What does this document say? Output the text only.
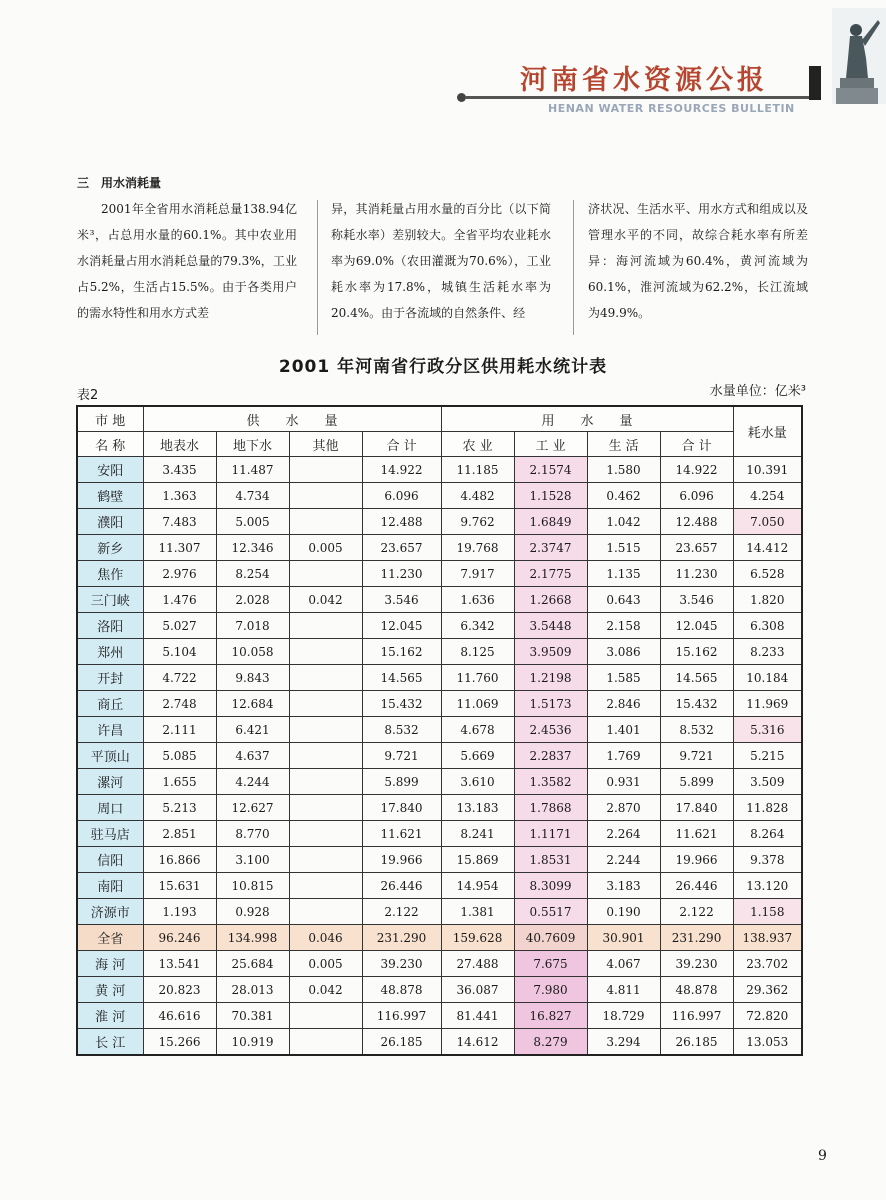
河南省水资源公报
HENAN WATER RESOURCES BULLETIN
三　用水消耗量
2001年全省用水消耗总量138.94亿米³，占总用水量的60.1%。其中农业用水消耗量占用水消耗总量的79.3%，工业占5.2%，生活占15.5%。由于各类用户的需水特性和用水方式差
异，其消耗量占用水量的百分比（以下简称耗水率）差别较大。全省平均农业耗水率为69.0%（农田灌溉为70.6%），工业耗水率为17.8%，城镇生活耗水率为20.4%。由于各流域的自然条件、经
济状况、生活水平、用水方式和组成以及管理水平的不同，故综合耗水率有所差异：海河流域为60.4%，黄河流域为60.1%，淮河流域为62.2%，长江流域为49.9%。
2001 年河南省行政分区供用耗水统计表
表2	水量单位：亿米³
市 地	供　　水　　量				用　　水　　量				耗水量
名 称	地表水	地下水	其他	合 计	农 业	工 业	生 活	合 计	
安阳	3.435	11.487		14.922	11.185	2.1574	1.580	14.922	10.391
鹤壁	1.363	4.734		6.096	4.482	1.1528	0.462	6.096	4.254
濮阳	7.483	5.005		12.488	9.762	1.6849	1.042	12.488	7.050
新乡	11.307	12.346	0.005	23.657	19.768	2.3747	1.515	23.657	14.412
焦作	2.976	8.254		11.230	7.917	2.1775	1.135	11.230	6.528
三门峡	1.476	2.028	0.042	3.546	1.636	1.2668	0.643	3.546	1.820
洛阳	5.027	7.018		12.045	6.342	3.5448	2.158	12.045	6.308
郑州	5.104	10.058		15.162	8.125	3.9509	3.086	15.162	8.233
开封	4.722	9.843		14.565	11.760	1.2198	1.585	14.565	10.184
商丘	2.748	12.684		15.432	11.069	1.5173	2.846	15.432	11.969
许昌	2.111	6.421		8.532	4.678	2.4536	1.401	8.532	5.316
平顶山	5.085	4.637		9.721	5.669	2.2837	1.769	9.721	5.215
漯河	1.655	4.244		5.899	3.610	1.3582	0.931	5.899	3.509
周口	5.213	12.627		17.840	13.183	1.7868	2.870	17.840	11.828
驻马店	2.851	8.770		11.621	8.241	1.1171	2.264	11.621	8.264
信阳	16.866	3.100		19.966	15.869	1.8531	2.244	19.966	9.378
南阳	15.631	10.815		26.446	14.954	8.3099	3.183	26.446	13.120
济源市	1.193	0.928		2.122	1.381	0.5517	0.190	2.122	1.158
全省	96.246	134.998	0.046	231.290	159.628	40.7609	30.901	231.290	138.937
海 河	13.541	25.684	0.005	39.230	27.488	7.675	4.067	39.230	23.702
黄 河	20.823	28.013	0.042	48.878	36.087	7.980	4.811	48.878	29.362
淮 河	46.616	70.381		116.997	81.441	16.827	18.729	116.997	72.820
长 江	15.266	10.919		26.185	14.612	8.279	3.294	26.185	13.053
9
